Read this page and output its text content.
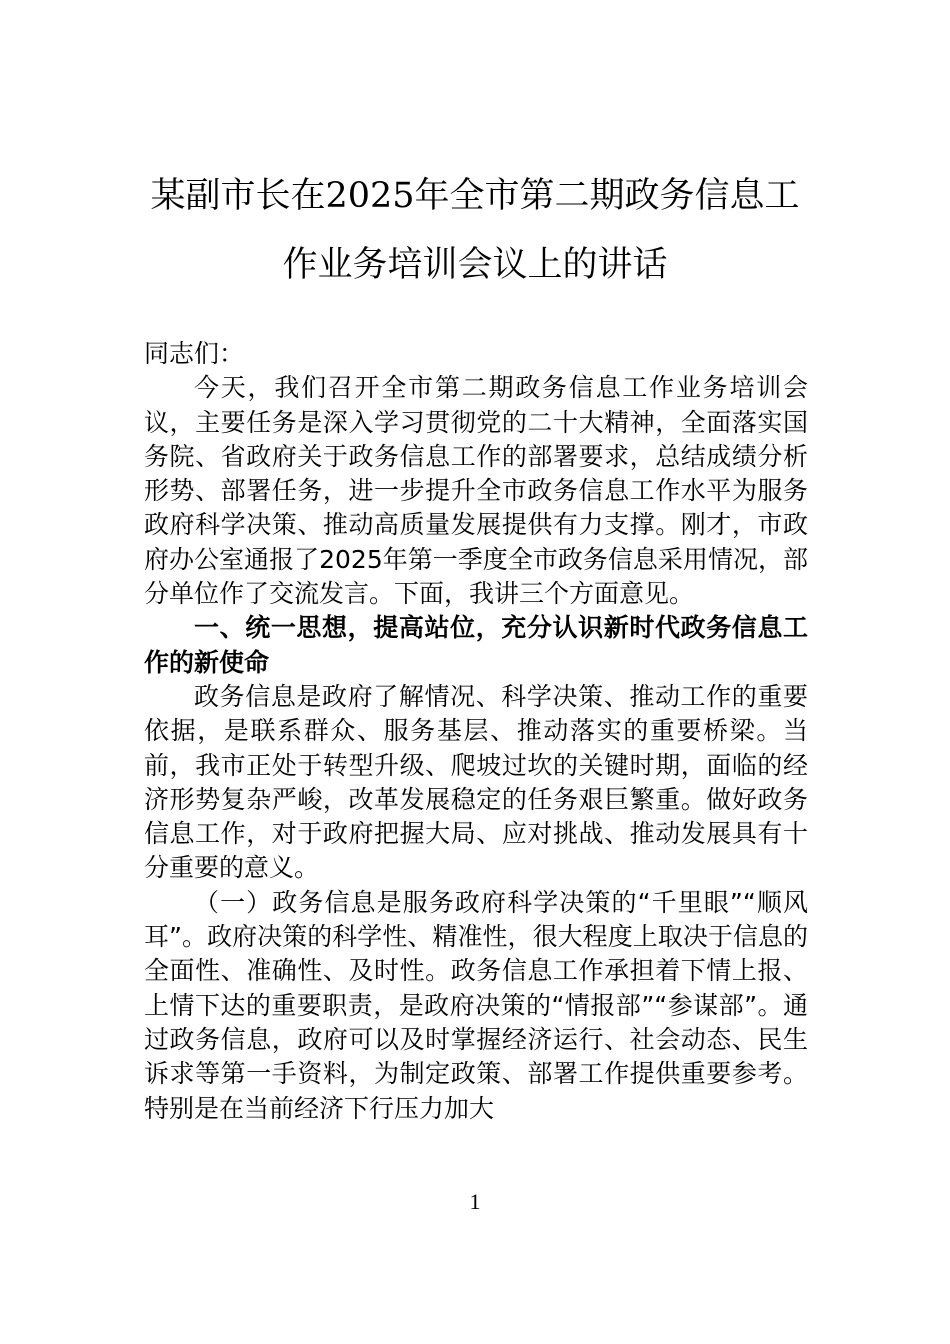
某副市长在2025年全市第二期政务信息工
作业务培训会议上的讲话

同志们：

今天，我们召开全市第二期政务信息工作业务培训会议，主要任务是深入学习贯彻党的二十大精神，全面落实国务院、省政府关于政务信息工作的部署要求，总结成绩分析形势、部署任务，进一步提升全市政务信息工作水平为服务政府科学决策、推动高质量发展提供有力支撑。刚才，市政府办公室通报了2025年第一季度全市政务信息采用情况，部分单位作了交流发言。下面，我讲三个方面意见。

一、统一思想，提高站位，充分认识新时代政务信息工作的新使命

政务信息是政府了解情况、科学决策、推动工作的重要依据，是联系群众、服务基层、推动落实的重要桥梁。当前，我市正处于转型升级、爬坡过坎的关键时期，面临的经济形势复杂严峻，改革发展稳定的任务艰巨繁重。做好政务信息工作，对于政府把握大局、应对挑战、推动发展具有十分重要的意义。

（一）政务信息是服务政府科学决策的“千里眼”“顺风耳”。政府决策的科学性、精准性，很大程度上取决于信息的全面性、准确性、及时性。政务信息工作承担着下情上报、上情下达的重要职责，是政府决策的“情报部”“参谋部”。通过政务信息，政府可以及时掌握经济运行、社会动态、民生诉求等第一手资料，为制定政策、部署工作提供重要参考。特别是在当前经济下行压力加大

1
